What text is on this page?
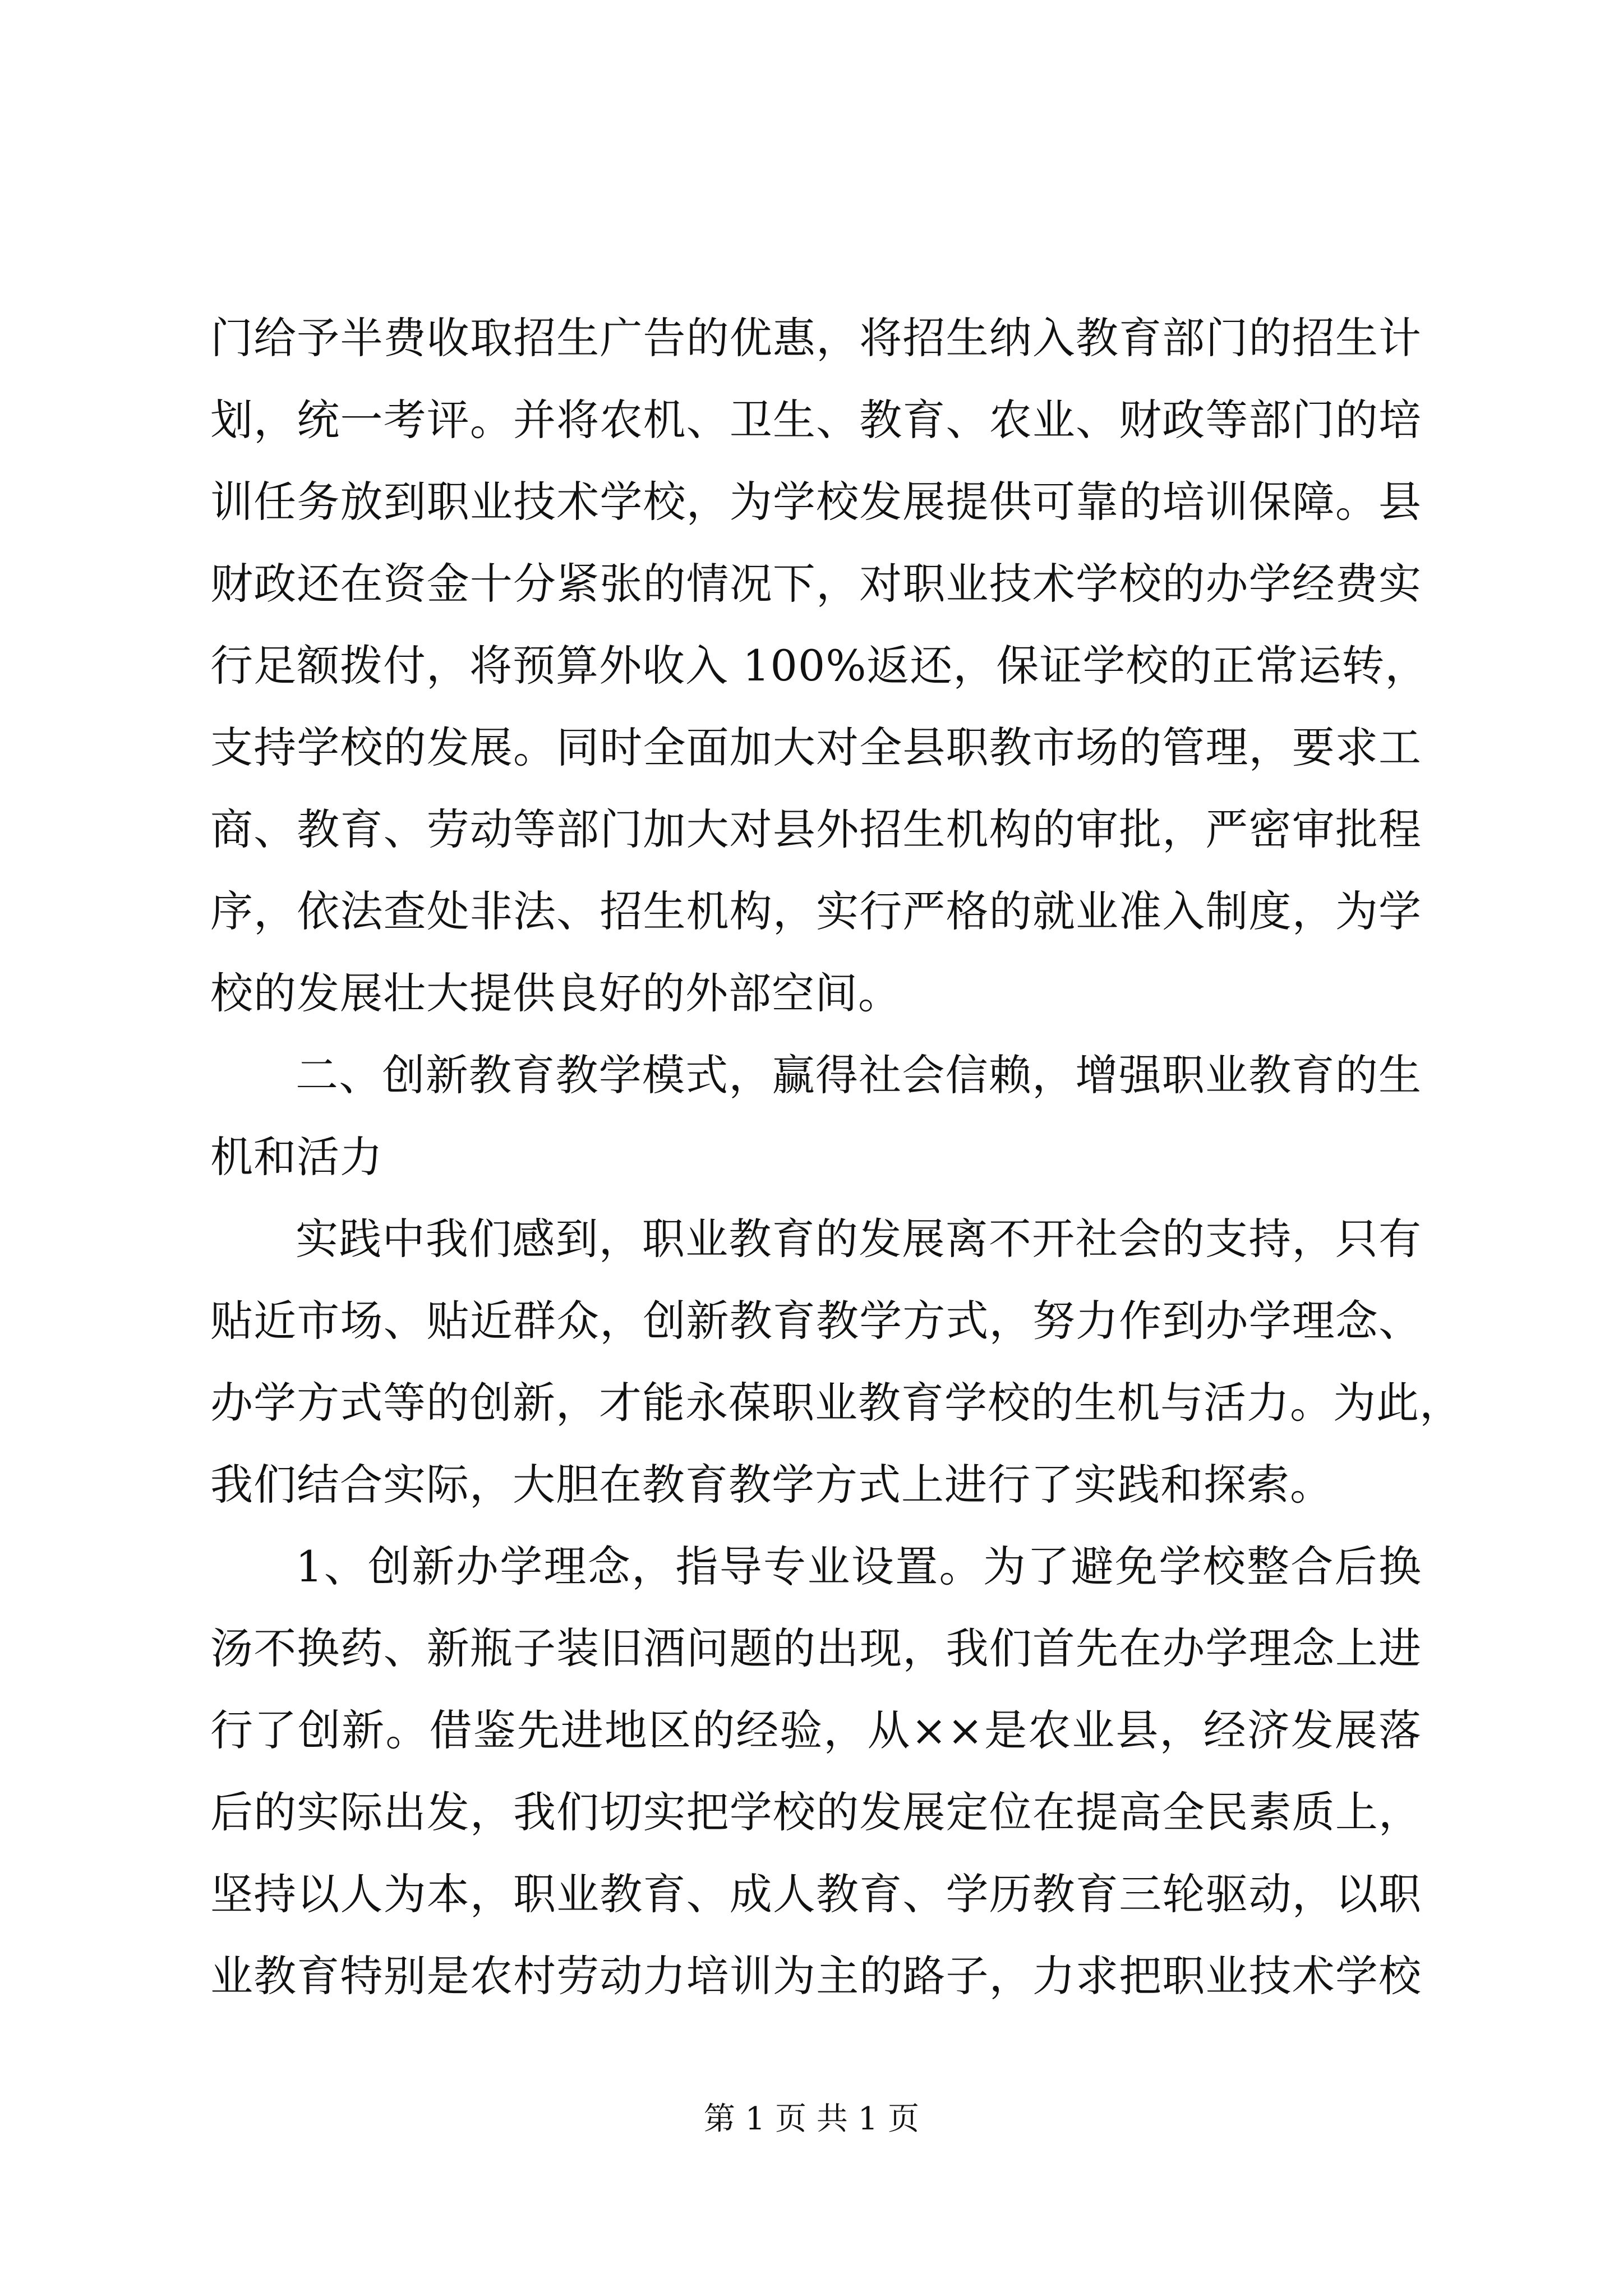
门给予半费收取招生广告的优惠，将招生纳入教育部门的招生计
划，统一考评。并将农机、卫生、教育、农业、财政等部门的培
训任务放到职业技术学校，为学校发展提供可靠的培训保障。县
财政还在资金十分紧张的情况下，对职业技术学校的办学经费实
行足额拨付，将预算外收入 100%返还，保证学校的正常运转，
支持学校的发展。同时全面加大对全县职教市场的管理，要求工
商、教育、劳动等部门加大对县外招生机构的审批，严密审批程
序，依法查处非法、招生机构，实行严格的就业准入制度，为学
校的发展壮大提供良好的外部空间。
二、创新教育教学模式，赢得社会信赖，增强职业教育的生
机和活力
实践中我们感到，职业教育的发展离不开社会的支持，只有
贴近市场、贴近群众，创新教育教学方式，努力作到办学理念、
办学方式等的创新，才能永葆职业教育学校的生机与活力。为此，
我们结合实际，大胆在教育教学方式上进行了实践和探索。
1、创新办学理念，指导专业设置。为了避免学校整合后换
汤不换药、新瓶子装旧酒问题的出现，我们首先在办学理念上进
行了创新。借鉴先进地区的经验，从××是农业县，经济发展落
后的实际出发，我们切实把学校的发展定位在提高全民素质上，
坚持以人为本，职业教育、成人教育、学历教育三轮驱动，以职
业教育特别是农村劳动力培训为主的路子，力求把职业技术学校
第 1 页 共 1 页
